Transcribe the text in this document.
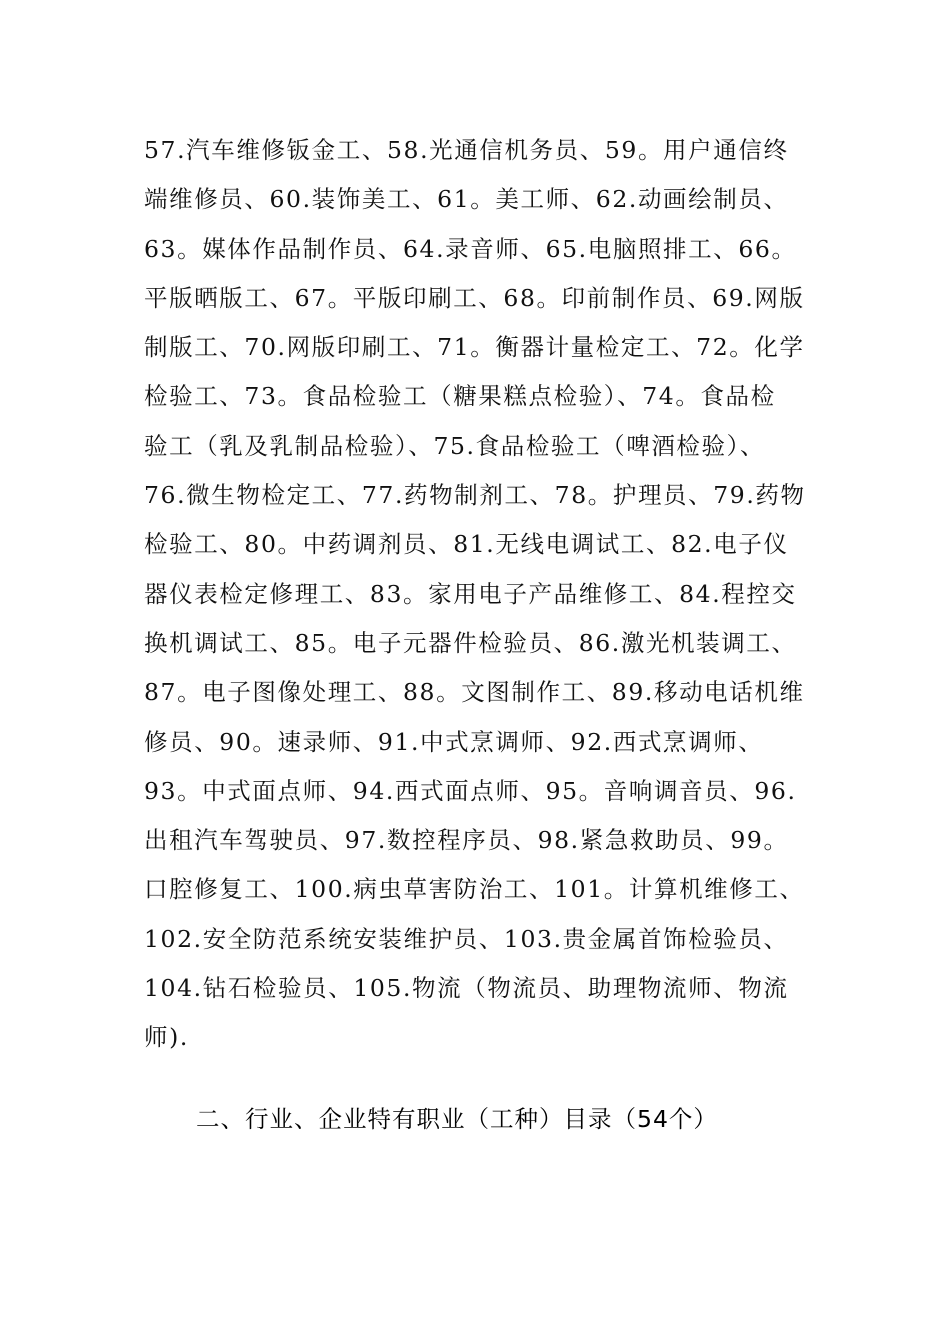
57.汽车维修钣金工、58.光通信机务员、59。用户通信终
端维修员、60.装饰美工、61。美工师、62.动画绘制员、
63。媒体作品制作员、64.录音师、65.电脑照排工、66。
平版晒版工、67。平版印刷工、68。印前制作员、69.网版
制版工、70.网版印刷工、71。衡器计量检定工、72。化学
检验工、73。食品检验工（糖果糕点检验）、74。食品检
验工（乳及乳制品检验）、75.食品检验工（啤酒检验）、
76.微生物检定工、77.药物制剂工、78。护理员、79.药物
检验工、80。中药调剂员、81.无线电调试工、82.电子仪
器仪表检定修理工、83。家用电子产品维修工、84.程控交
换机调试工、85。电子元器件检验员、86.激光机装调工、
87。电子图像处理工、88。文图制作工、89.移动电话机维
修员、90。速录师、91.中式烹调师、92.西式烹调师、
93。中式面点师、94.西式面点师、95。音响调音员、96.
出租汽车驾驶员、97.数控程序员、98.紧急救助员、99。
口腔修复工、100.病虫草害防治工、101。计算机维修工、
102.安全防范系统安装维护员、103.贵金属首饰检验员、
104.钻石检验员、105.物流（物流员、助理物流师、物流
师).
二、行业、企业特有职业（工种）目录（54个）
